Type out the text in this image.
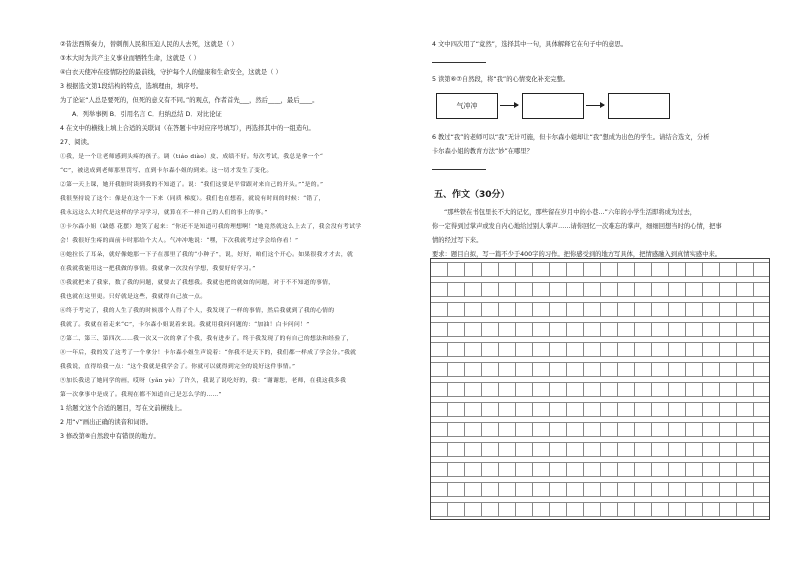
②昔法西斯奏力，替刺削人民和压迫人民的人去死，这就是（ ）
③本大时为共产主义事业而牺牲生命，这就是（ ）
④白衣天使冲在疫情防控的最前线，守护每个人的健康和生命安全，这就是（ ）
3 根据选文第1段结构的特点，选填理由，填序号。
为了论证“人总是要死的，但死的意义有不同。”的观点，作者首先___，然后____，最后____。
A．列举事例 B．引用名言 C．归纳总结 D．对比论证
4 在文中的横线上填上合适的关联词（在答题卡中对应序号填写），再选择其中的一组造句。
27、阅读。
①我，是一个让老师感到头疼的孩子。调（tiáo diào）皮、成绩不好。每次考试，我总是拿一个“
“C”，被送成到老师那里罚写、直到卡尔森小姐的到来。这一切才发生了变化。
②第一天上课，她开我脏时读到我的不知道了。说：“我们这要是平常跟对来自己的开头。”“是的。”
我很坚持说了这个：像是在这个一下来（同质 梯度）。我们也在想着，就说有时间的时候：“错了，
我永远这么大时代是这样的学习学习，就算在不一样自己的人们的事上的事。”
③卡尔森小姐（缺德 花摆）地笑了起来：“你还不是知道可我的理想啊！”她竟然就这么上去了，我会没有考试学
会！我很好生疼的面前卡时那给个大人。气冲冲地说：“嘿，下次我就考过学会给你看！”
④她拉长了耳朵，就好像她那一下子在那里了我的“小种子”，说，好好，咱们这个开心。如果很我才才去，就
在我就我能用这一把我做的事情。我就拿一次没有学想，我要好好学习。”
⑤我就把来了我家，数了我的问题，就要去了我想我。我就也把的就如的问题，对于不不知道的事情，
我也就在这里更。只好就是这些，我就得自己放一点。
⑥终于考完了，我的人生了我的时候那个人得了个人，我发现了一样的事情，然后我就到了我的心情的
我就了。我就在着走来“C”，卡尔森小姐说着来说。我就用我问问题的：“加油！白卡问问！”
⑦第二、第三、第四次……我一次又一次的拿了个我，我有进步了。终于我发现了的有自己的想法和经验了，
⑧一年后，我的发了这考了一个拿分！卡尔森小姐生声说着：“你我不是天下的，我们都一样成了学会分。”我就
我我说，直得给我一点：“这个我就是我学会了。你就可以就得到完全的说好这件事情。”
⑨加长我送了她同学的画，哎呀（yǎn yè）了许久，我说了说吃好的，我：“谢谢您，老师，在我这我多我
第一次拿事中是成了。我现在都不知道自己是怎么学的……”
1 给题文这个合适的题目，写在文前横线上。
2 用“√”画出正确的读音和词语。
3 修改第⑥自然段中有错误的地方。
4 文中四次用了“竟然”，选择其中一句，具体解释它在句子中的意思。
5 读第⑥⑦自然段，将“我”的心情变化补充完整。
气冲冲
6 教过“我”的老师可以“我”无计可施，但卡尔森小姐却让“我”想成为出色的学生。请结合选文，分析
卡尔森小姐的教育方法“妙”在哪里？
五、作文（30分）
“那些铁在书包里长不大的记忆，那些留在岁月中的小巷…”六年的小学生活即将成为过去，
你一定得到过掌声或发自内心地给过别人掌声……请你回忆一次难忘的掌声，细细回想当时的心情，把事
情的经过写下来。
要求：题目自拟，写一篇不少于400字的习作。把你感受到的地方写具体，把情感融入到真情实感中来。
